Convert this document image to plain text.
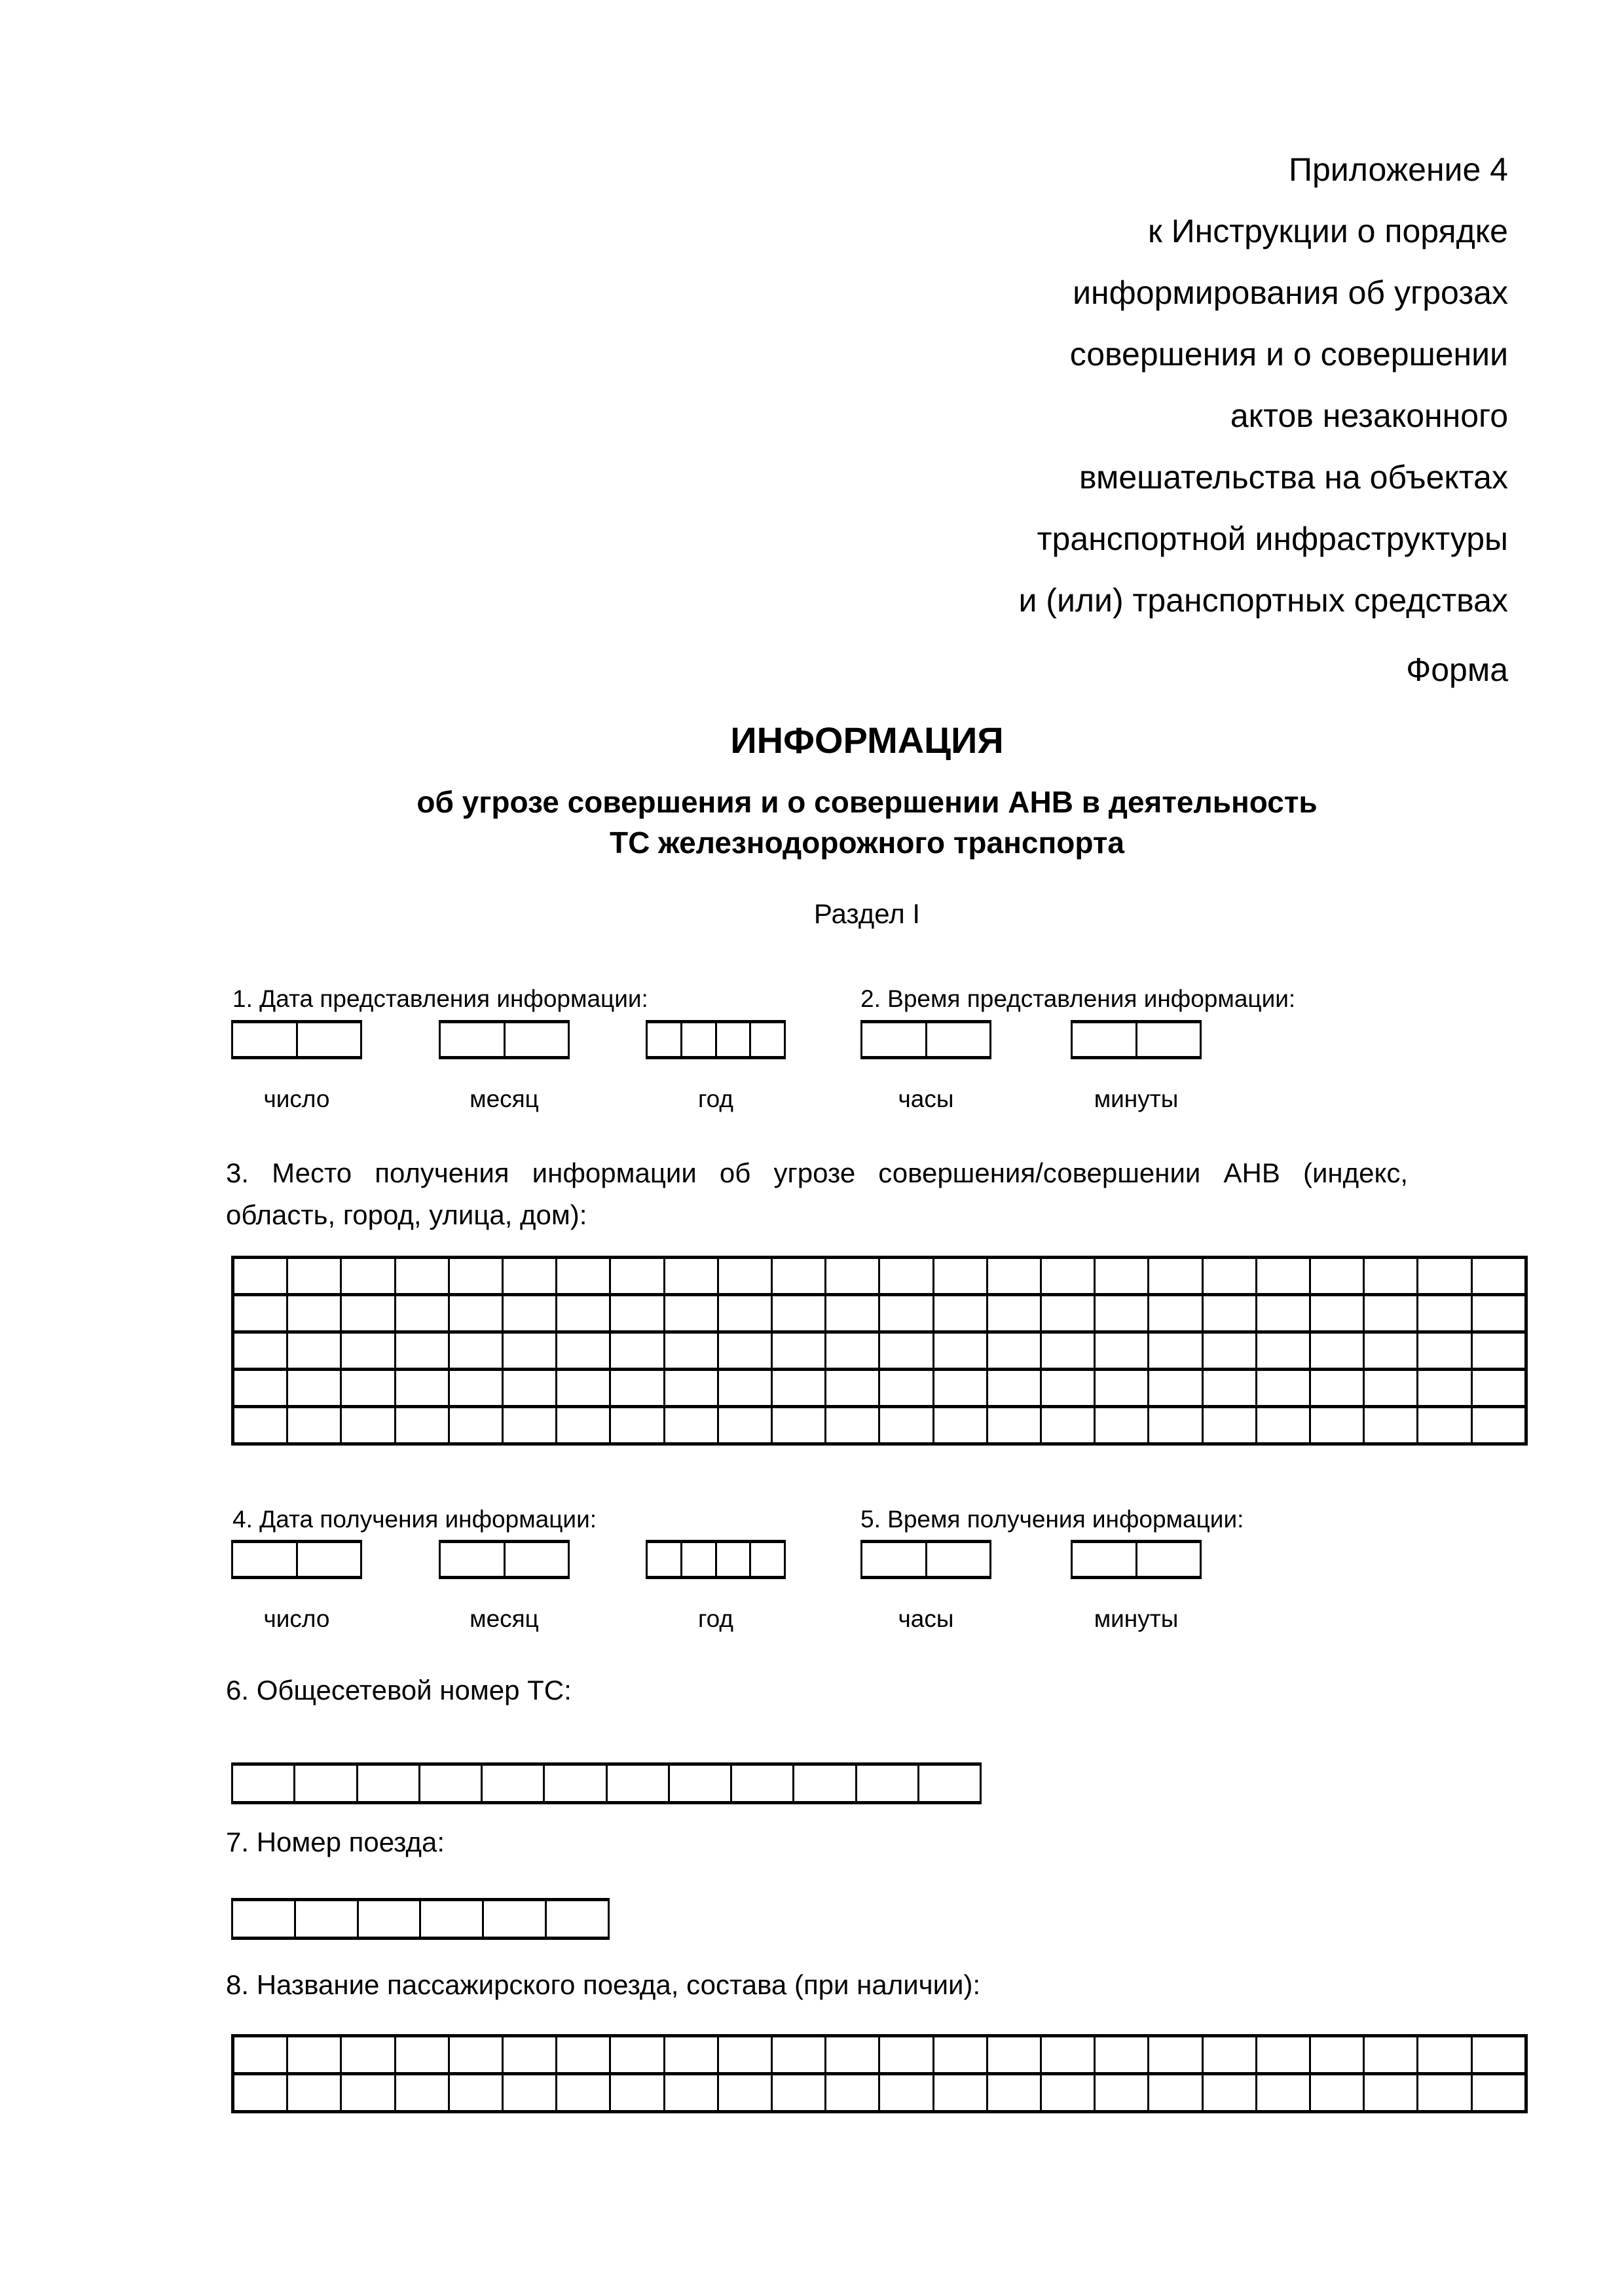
Приложение 4
к Инструкции о порядке
информирования об угрозах
совершения и о совершении
актов незаконного
вмешательства на объектах
транспортной инфраструктуры
и (или) транспортных средствах
Форма
ИНФОРМАЦИЯ
об угрозе совершения и о совершении АНВ в деятельность
ТС железнодорожного транспорта
Раздел I
1. Дата представления информации:	2. Время представления информации:
число	месяц	год	часы	минуты
3. Место получения информации об угрозе совершения/совершении АНВ (индекс,
область, город, улица, дом):
4. Дата получения информации:	5. Время получения информации:
число	месяц	год	часы	минуты
6. Общесетевой номер ТС:
7. Номер поезда:
8. Название пассажирского поезда, состава (при наличии):
